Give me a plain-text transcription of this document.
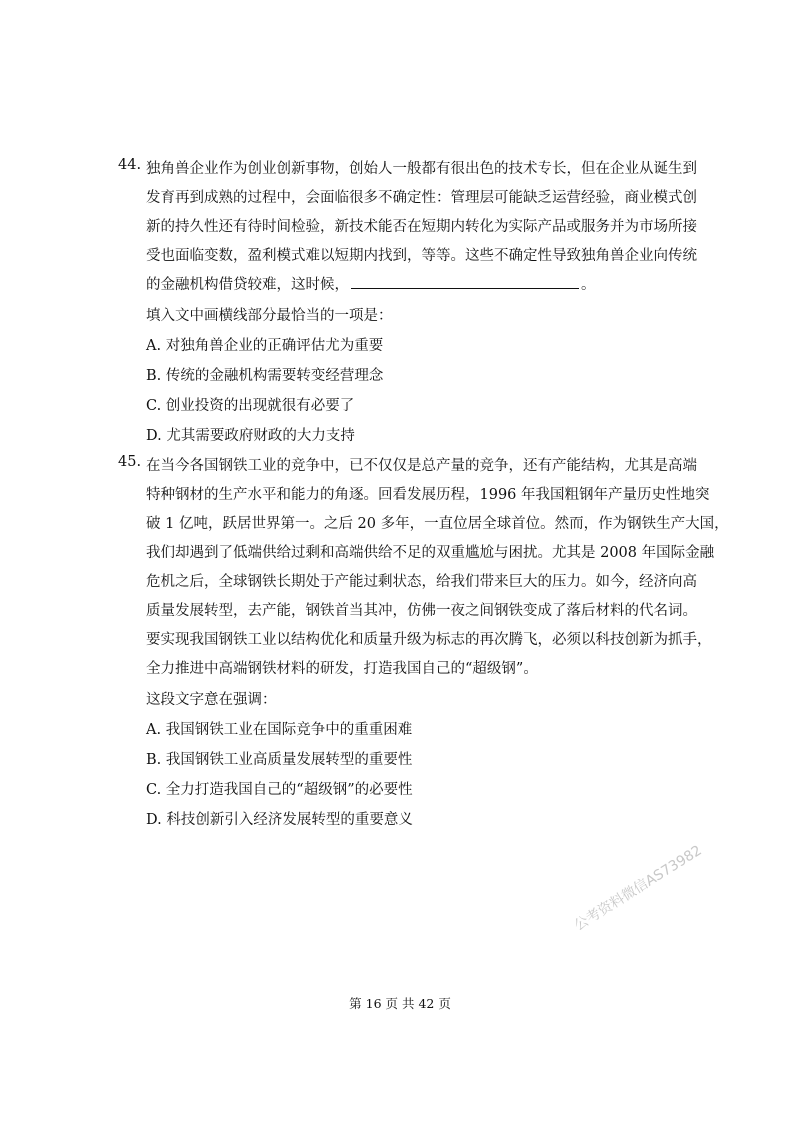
44. 独角兽企业作为创业创新事物，创始人一般都有很出色的技术专长，但在企业从诞生到
发育再到成熟的过程中，会面临很多不确定性：管理层可能缺乏运营经验，商业模式创
新的持久性还有待时间检验，新技术能否在短期内转化为实际产品或服务并为市场所接
受也面临变数，盈利模式难以短期内找到，等等。这些不确定性导致独角兽企业向传统
的金融机构借贷较难，这时候，	。
填入文中画横线部分最恰当的一项是：
A. 对独角兽企业的正确评估尤为重要
B. 传统的金融机构需要转变经营理念
C. 创业投资的出现就很有必要了
D. 尤其需要政府财政的大力支持
45. 在当今各国钢铁工业的竞争中，已不仅仅是总产量的竞争，还有产能结构，尤其是高端
特种钢材的生产水平和能力的角逐。回看发展历程，1996 年我国粗钢年产量历史性地突
破 1 亿吨，跃居世界第一。之后 20 多年，一直位居全球首位。然而，作为钢铁生产大国，
我们却遇到了低端供给过剩和高端供给不足的双重尴尬与困扰。尤其是 2008 年国际金融
危机之后，全球钢铁长期处于产能过剩状态，给我们带来巨大的压力。如今，经济向高
质量发展转型，去产能，钢铁首当其冲，仿佛一夜之间钢铁变成了落后材料的代名词。
要实现我国钢铁工业以结构优化和质量升级为标志的再次腾飞，必须以科技创新为抓手，
全力推进中高端钢铁材料的研发，打造我国自己的“超级钢”。
这段文字意在强调：
A. 我国钢铁工业在国际竞争中的重重困难
B. 我国钢铁工业高质量发展转型的重要性
C. 全力打造我国自己的“超级钢”的必要性
D. 科技创新引入经济发展转型的重要意义
公考资料微信AS73982
第 16 页 共 42 页
